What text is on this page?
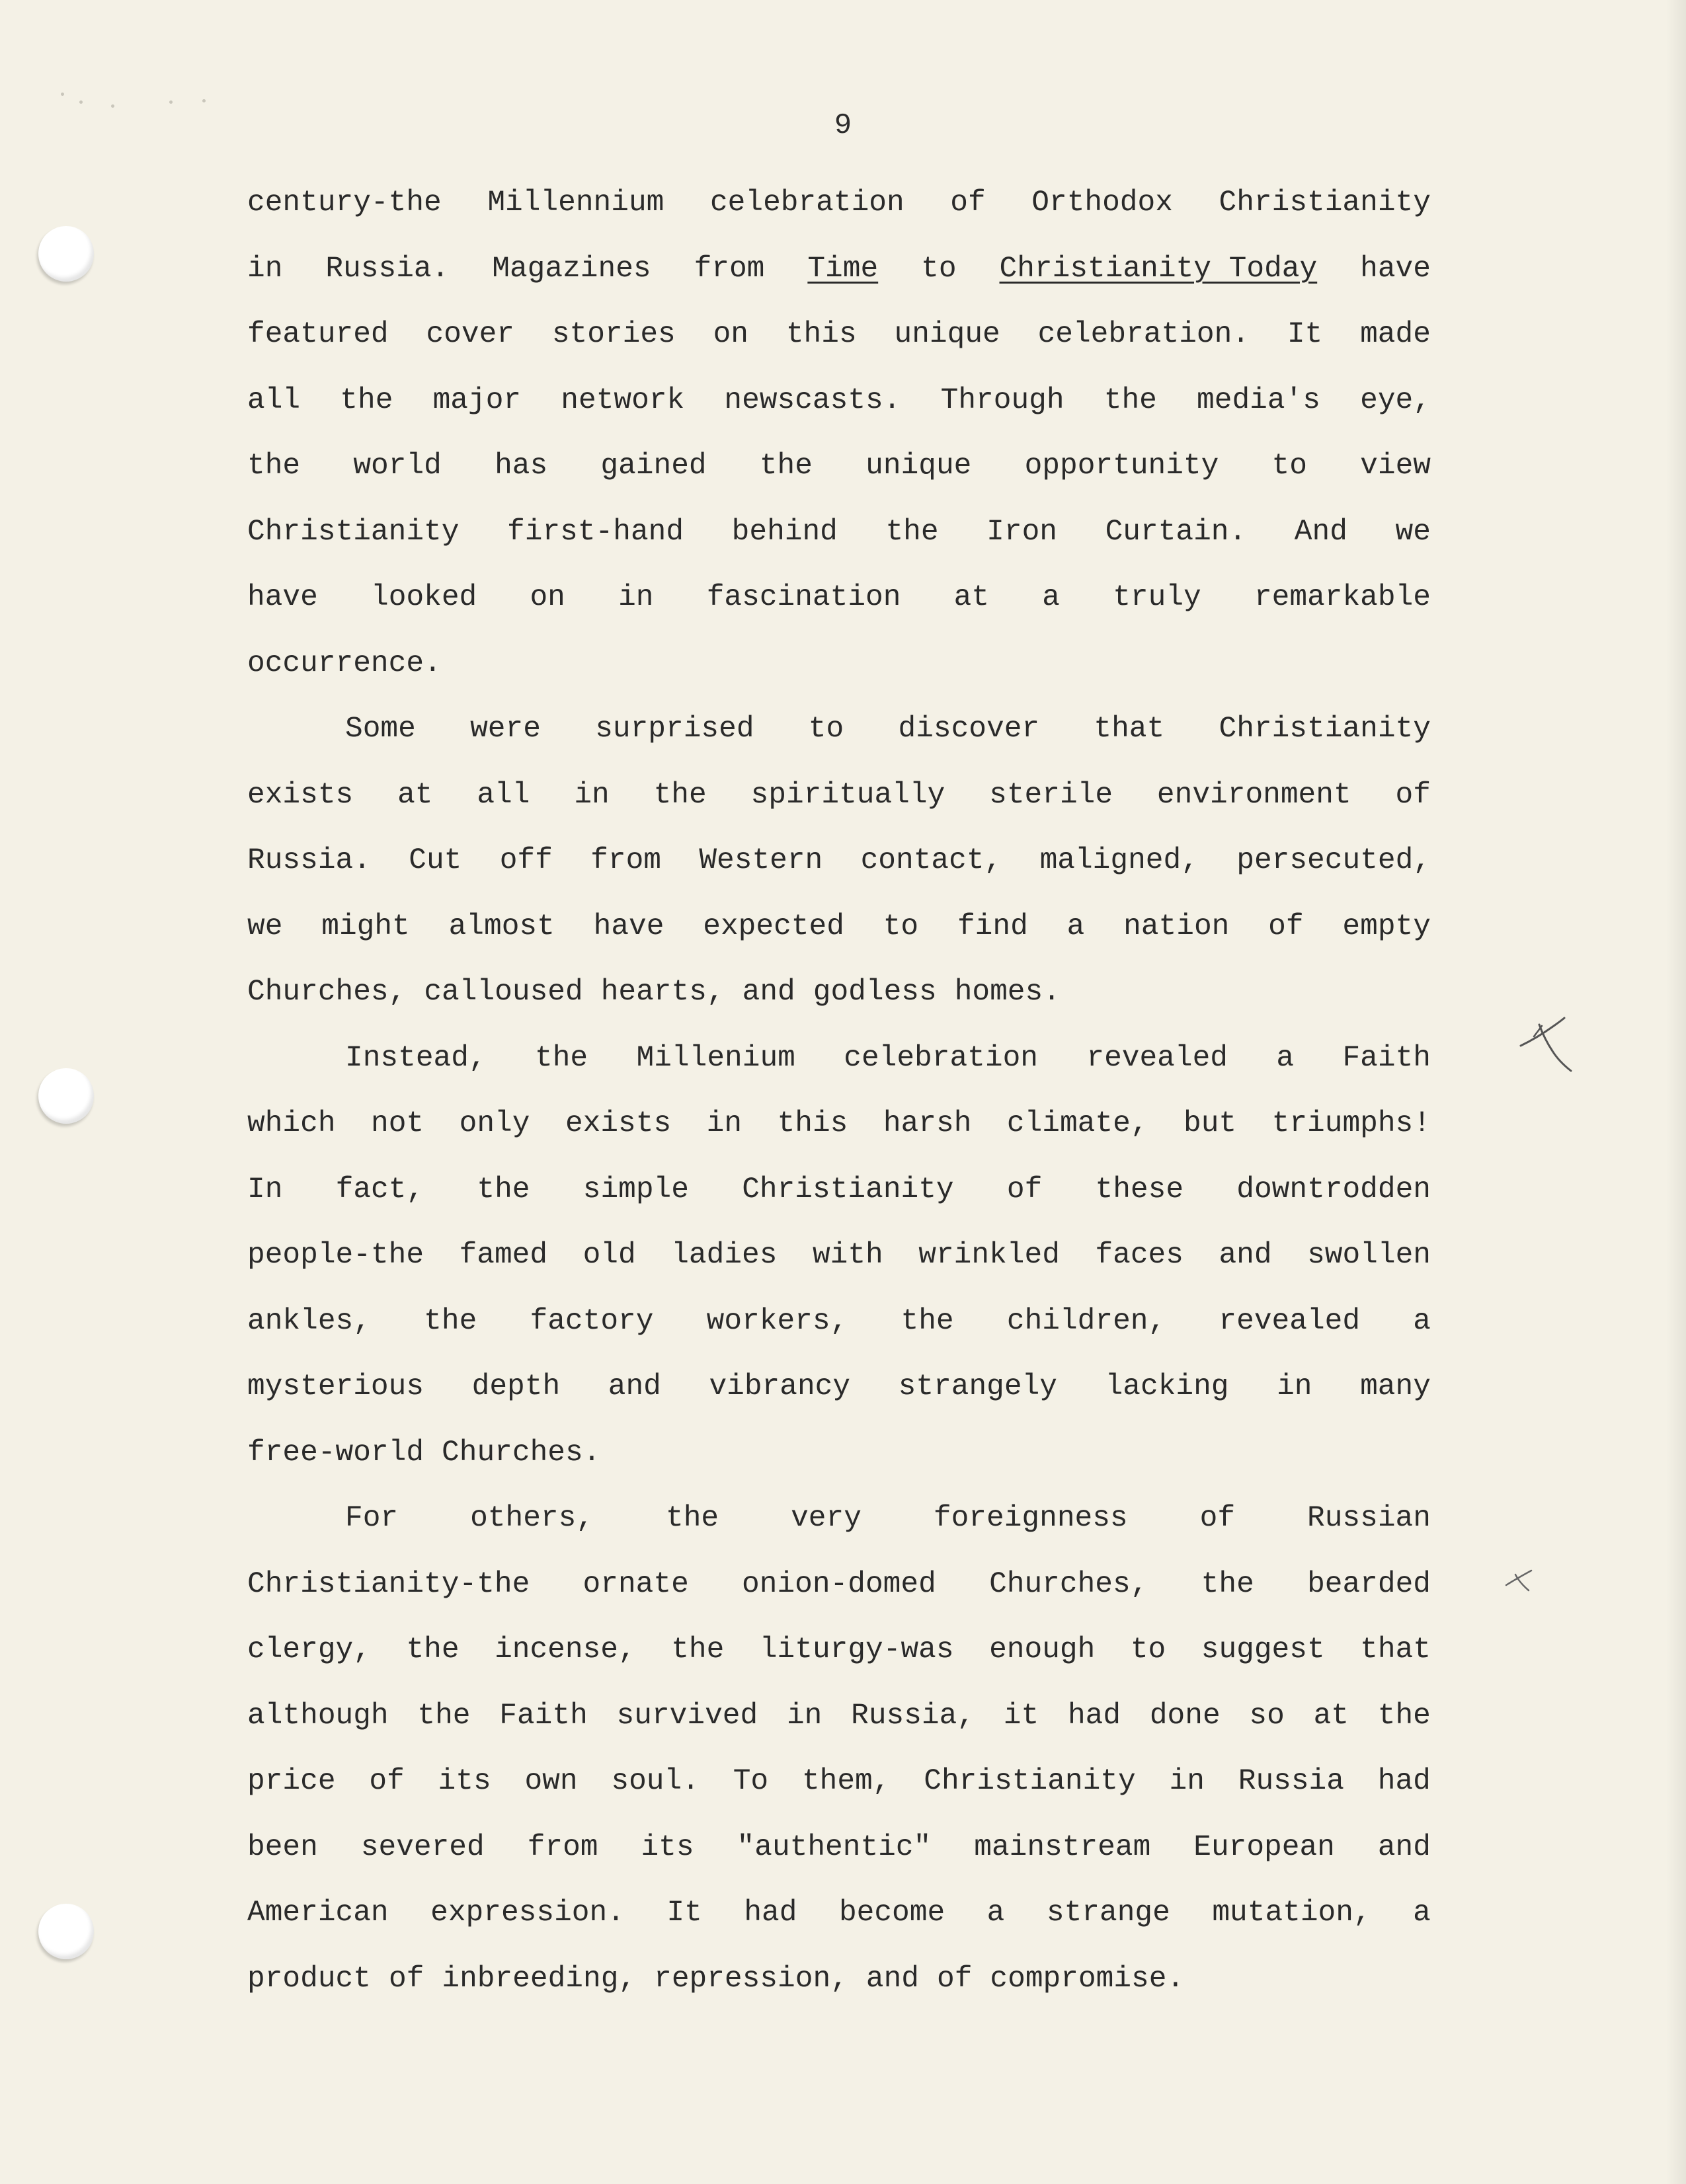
9
century-the Millennium celebration of Orthodox Christianity
in Russia. Magazines from Time to Christianity Today have
featured cover stories on this unique celebration. It made
all the major network newscasts. Through the media's eye,
the world has gained the unique opportunity to view
Christianity first-hand behind the Iron Curtain. And we
have looked on in fascination at a truly remarkable
occurrence.
Some were surprised to discover that Christianity
exists at all in the spiritually sterile environment of
Russia. Cut off from Western contact, maligned, persecuted,
we might almost have expected to find a nation of empty
Churches, calloused hearts, and godless homes.
Instead, the Millenium celebration revealed a Faith
which not only exists in this harsh climate, but triumphs!
In fact, the simple Christianity of these downtrodden
people-the famed old ladies with wrinkled faces and swollen
ankles, the factory workers, the children, revealed a
mysterious depth and vibrancy strangely lacking in many
free-world Churches.
For others, the very foreignness of Russian
Christianity-the ornate onion-domed Churches, the bearded
clergy, the incense, the liturgy-was enough to suggest that
although the Faith survived in Russia, it had done so at the
price of its own soul. To them, Christianity in Russia had
been severed from its "authentic" mainstream European and
American expression. It had become a strange mutation, a
product of inbreeding, repression, and of compromise.
